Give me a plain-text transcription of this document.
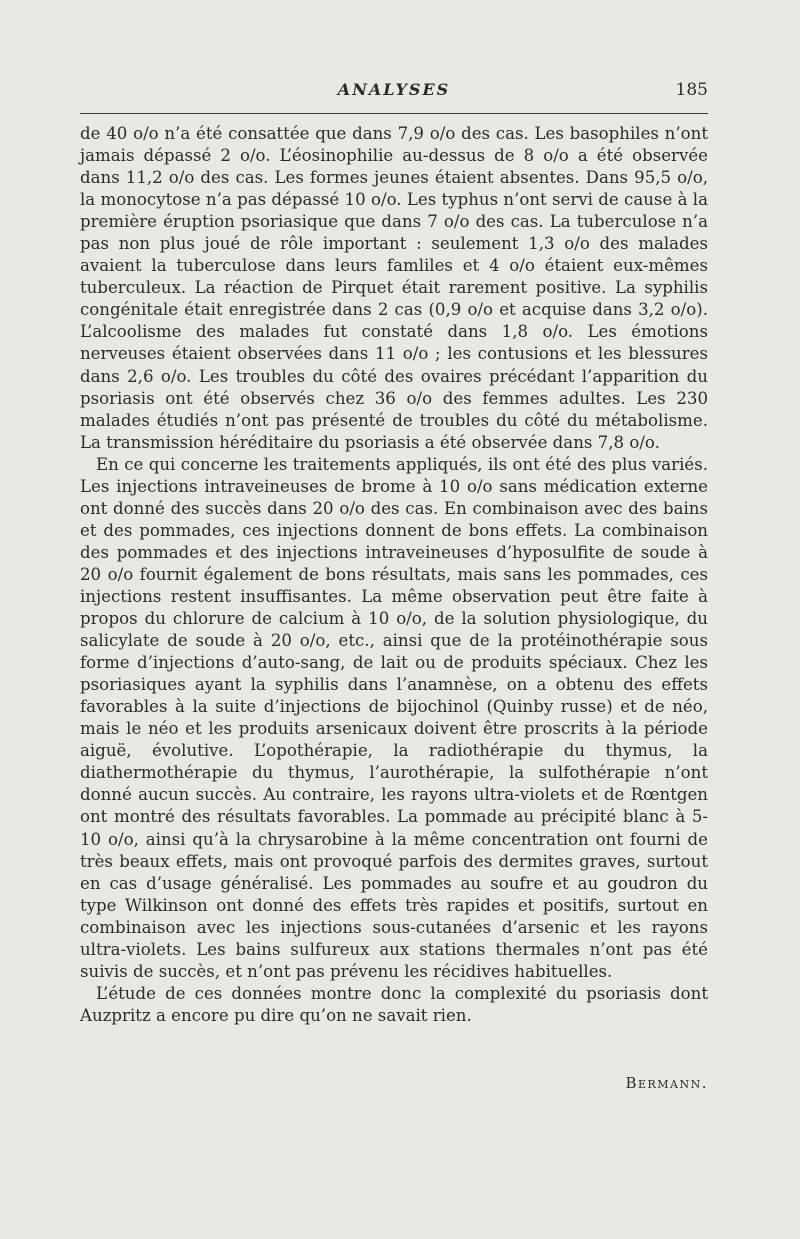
ANALYSES	185

de 40 o/o n’a été consattée que dans 7,9 o/o des cas. Les basophiles n’ont jamais dépassé 2 o/o. L’éosinophilie au-dessus de 8 o/o a été observée dans 11,2 o/o des cas. Les formes jeunes étaient absentes. Dans 95,5 o/o, la monocytose n’a pas dépassé 10 o/o. Les typhus n’ont servi de cause à la première éruption psoriasique que dans 7 o/o des cas. La tuberculose n’a pas non plus joué de rôle important : seulement 1,3 o/o des malades avaient la tuberculose dans leurs famliles et 4 o/o étaient eux-mêmes tuberculeux. La réaction de Pirquet était rarement positive. La syphilis congénitale était enregistrée dans 2 cas (0,9 o/o et acquise dans 3,2 o/o). L’alcoolisme des malades fut constaté dans 1,8 o/o. Les émotions nerveuses étaient observées dans 11 o/o ; les contusions et les blessures dans 2,6 o/o. Les troubles du côté des ovaires précédant l’apparition du psoriasis ont été observés chez 36 o/o des femmes adultes. Les 230 malades étudiés n’ont pas présenté de troubles du côté du métabolisme. La transmission héréditaire du psoriasis a été observée dans 7,8 o/o.

En ce qui concerne les traitements appliqués, ils ont été des plus variés. Les injections intraveineuses de brome à 10 o/o sans médication externe ont donné des succès dans 20 o/o des cas. En combinaison avec des bains et des pommades, ces injections donnent de bons effets. La combinaison des pommades et des injections intraveineuses d’hyposulfite de soude à 20 o/o fournit également de bons résultats, mais sans les pommades, ces injections restent insuffisantes. La même observation peut être faite à propos du chlorure de calcium à 10 o/o, de la solution physiologique, du salicylate de soude à 20 o/o, etc., ainsi que de la protéinothérapie sous forme d’injections d’auto-sang, de lait ou de produits spéciaux. Chez les psoriasiques ayant la syphilis dans l’anamnèse, on a obtenu des effets favorables à la suite d’injections de bijochinol (Quinby russe) et de néo, mais le néo et les produits arsenicaux doivent être proscrits à la période aiguë, évolutive. L’opothérapie, la radiothérapie du thymus, la diathermothérapie du thymus, l’aurothérapie, la sulfothérapie n’ont donné aucun succès. Au contraire, les rayons ultra-violets et de Rœntgen ont montré des résultats favorables. La pommade au précipité blanc à 5-10 o/o, ainsi qu’à la chrysarobine à la même concentration ont fourni de très beaux effets, mais ont provoqué parfois des dermites graves, surtout en cas d’usage généralisé. Les pommades au soufre et au goudron du type Wilkinson ont donné des effets très rapides et positifs, surtout en combinaison avec les injections sous-cutanées d’arsenic et les rayons ultra-violets. Les bains sulfureux aux stations thermales n’ont pas été suivis de succès, et n’ont pas prévenu les récidives habituelles.

L’étude de ces données montre donc la complexité du psoriasis dont Auzpritz a encore pu dire qu’on ne savait rien.

Bermann.
